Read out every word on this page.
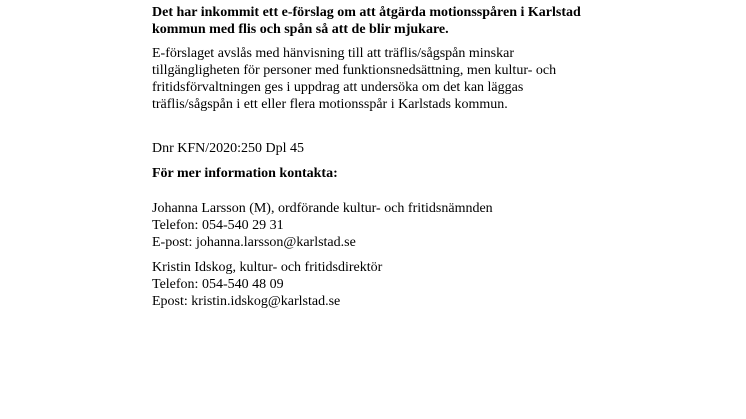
Det har inkommit ett e-förslag om att åtgärda motionsspåren i Karlstad
kommun med flis och spån så att de blir mjukare.
E-förslaget avslås med hänvisning till att träflis/sågspån minskar
tillgängligheten för personer med funktionsnedsättning, men kultur- och
fritidsförvaltningen ges i uppdrag att undersöka om det kan läggas
träflis/sågspån i ett eller flera motionsspår i Karlstads kommun.
Dnr KFN/2020:250 Dpl 45
För mer information kontakta:
Johanna Larsson (M), ordförande kultur- och fritidsnämnden
Telefon: 054-540 29 31
E-post: johanna.larsson@karlstad.se
Kristin Idskog, kultur- och fritidsdirektör
Telefon: 054-540 48 09
Epost: kristin.idskog@karlstad.se
